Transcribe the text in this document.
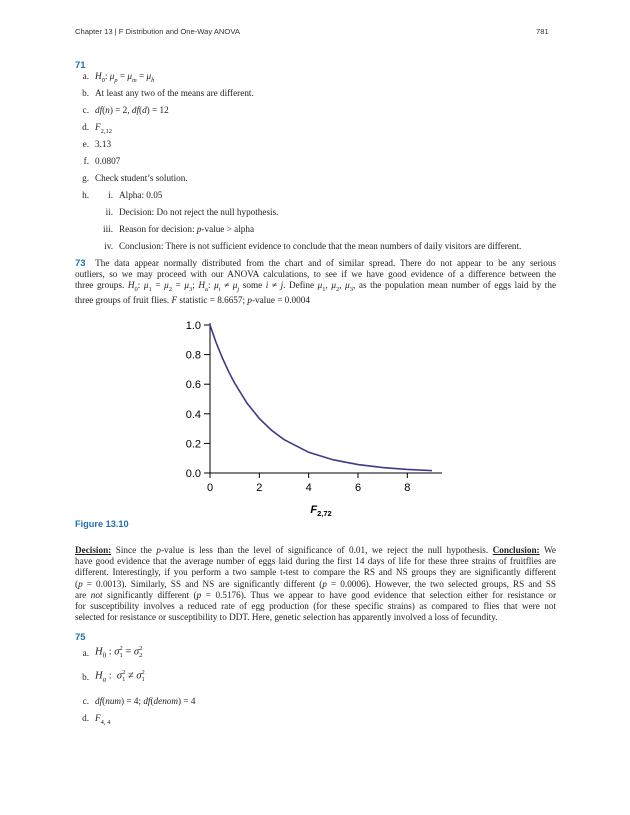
Chapter 13 | F Distribution and One-Way ANOVA	781
71
a. $H_0$: $\mu_p = \mu_m = \mu_h$
b. At least any two of the means are different.
c. df(n) = 2, df(d) = 12
d. $F_{2,12}$
e. 3.13
f. 0.0807
g. Check student’s solution.
h.	i. Alpha: 0.05
ii. Decision: Do not reject the null hypothesis.
iii. Reason for decision: p-value > alpha
iv. Conclusion: There is not sufficient evidence to conclude that the mean numbers of daily visitors are different.
73  The data appear normally distributed from the chart and of similar spread. There do not appear to be any serious
outliers, so we may proceed with our ANOVA calculations, to see if we have good evidence of a difference between the
three groups. $H_0$: $\mu_1 = \mu_2 = \mu_3$; $H_a$: $\mu_i \ne \mu_j$ some i ≠ j. Define $\mu_1$, $\mu_2$, $\mu_3$, as the population mean number of eggs laid by the
three groups of fruit flies. F statistic = 8.6657; p-value = 0.0004
0.0
0.2
0.4
0.6
0.8
1.0
0	2	4	6	8
$F_{2,72}$
Figure 13.10
Decision: Since the p-value is less than the level of significance of 0.01, we reject the null hypothesis. Conclusion: We
have good evidence that the average number of eggs laid during the first 14 days of life for these three strains of fruitflies are
different. Interestingly, if you perform a two sample t-test to compare the RS and NS groups they are significantly different
(p = 0.0013). Similarly, SS and NS are significantly different (p = 0.0006). However, the two selected groups, RS and SS
are not significantly different (p = 0.5176). Thus we appear to have good evidence that selection either for resistance or
for susceptibility involves a reduced rate of egg production (for these specific strains) as compared to flies that were not
selected for resistance or susceptibility to DDT. Here, genetic selection has apparently involved a loss of fecundity.
75
a. $H_0$ : σ2
1 = σ2
2
b. $H_a$ :  σ2
1 ≠ σ2
1
c. df(num) = 4; df(denom) = 4
d. $F_{4, 4}$
